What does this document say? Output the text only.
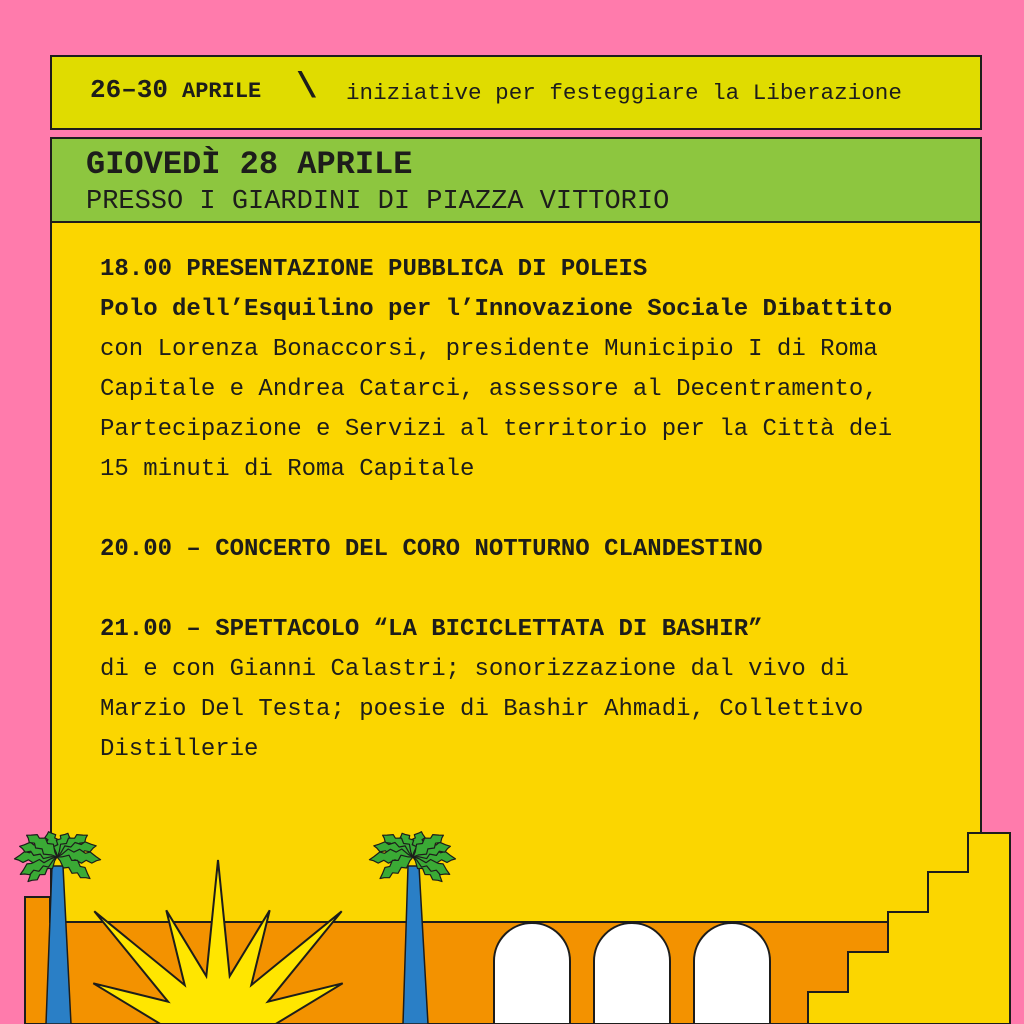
26–30 APRILE \ iniziative per festeggiare la Liberazione
GIOVEDÌ 28 APRILE
PRESSO I GIARDINI DI PIAZZA VITTORIO
18.00 PRESENTAZIONE PUBBLICA DI POLEIS
Polo dell’Esquilino per l’Innovazione Sociale Dibattito
con Lorenza Bonaccorsi, presidente Municipio I di Roma
Capitale e Andrea Catarci, assessore al Decentramento,
Partecipazione e Servizi al territorio per la Città dei
15 minuti di Roma Capitale
20.00 – CONCERTO DEL CORO NOTTURNO CLANDESTINO
21.00 – SPETTACOLO “LA BICICLETTATA DI BASHIR”
di e con Gianni Calastri; sonorizzazione dal vivo di
Marzio Del Testa; poesie di Bashir Ahmadi, Collettivo
Distillerie
